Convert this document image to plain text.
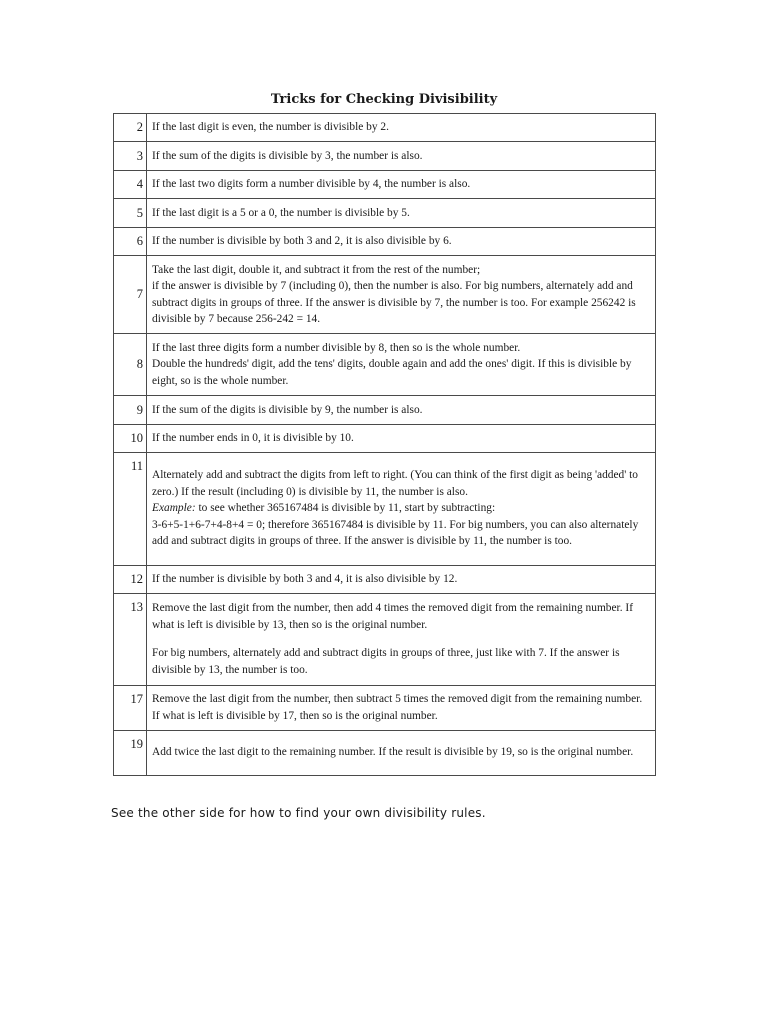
Tricks for Checking Divisibility
2	If the last digit is even, the number is divisible by 2.
3	If the sum of the digits is divisible by 3, the number is also.
4	If the last two digits form a number divisible by 4, the number is also.
5	If the last digit is a 5 or a 0, the number is divisible by 5.
6	If the number is divisible by both 3 and 2, it is also divisible by 6.
7	Take the last digit, double it, and subtract it from the rest of the number;
if the answer is divisible by 7 (including 0), then the number is also. For big numbers, alternately add and subtract digits in groups of three. If the answer is divisible by 7, the number is too. For example 256242 is divisible by 7 because 256-242 = 14.
8	If the last three digits form a number divisible by 8, then so is the whole number.
Double the hundreds' digit, add the tens' digits, double again and add the ones' digit. If this is divisible by eight, so is the whole number.
9	If the sum of the digits is divisible by 9, the number is also.
10	If the number ends in 0, it is divisible by 10.
11	Alternately add and subtract the digits from left to right. (You can think of the first digit as being 'added' to zero.) If the result (including 0) is divisible by 11, the number is also.
Example: to see whether 365167484 is divisible by 11, start by subtracting:
3-6+5-1+6-7+4-8+4 = 0; therefore 365167484 is divisible by 11. For big numbers, you can also alternately add and subtract digits in groups of three. If the answer is divisible by 11, the number is too.
12	If the number is divisible by both 3 and 4, it is also divisible by 12.
13	Remove the last digit from the number, then add 4 times the removed digit from the remaining number. If what is left is divisible by 13, then so is the original number.

For big numbers, alternately add and subtract digits in groups of three, just like with 7. If the answer is divisible by 13, the number is too.

17	Remove the last digit from the number, then subtract 5 times the removed digit from the remaining number. If what is left is divisible by 17, then so is the original number.
19	Add twice the last digit to the remaining number. If the result is divisible by 19, so is the original number.
See the other side for how to find your own divisibility rules.
